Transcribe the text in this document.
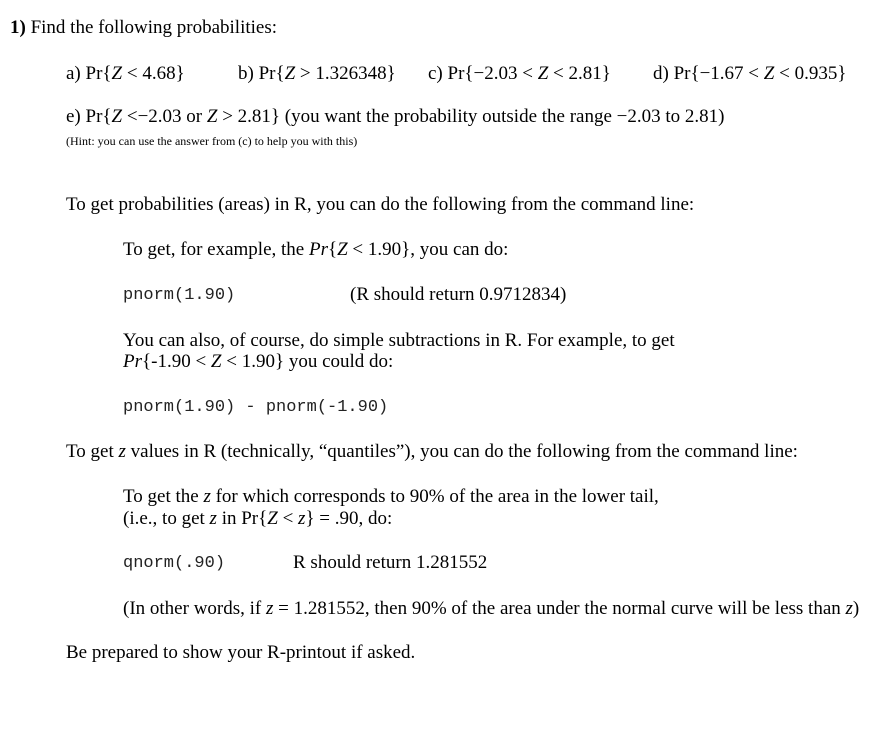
1) Find the following probabilities:
a) Pr{Z < 4.68}	b) Pr{Z > 1.326348} c) Pr{−2.03 < Z < 2.81} d) Pr{−1.67 < Z < 0.935}
e) Pr{Z <−2.03 or Z > 2.81} (you want the probability outside the range −2.03 to 2.81)
(Hint: you can use the answer from (c) to help you with this)
To get probabilities (areas) in R, you can do the following from the command line:
To get, for example, the Pr{Z < 1.90}, you can do:
pnorm(1.90)	(R should return 0.9712834)
You can also, of course, do simple subtractions in R. For example, to get
Pr{-1.90 < Z < 1.90} you could do:
pnorm(1.90) - pnorm(-1.90)
To get z values in R (technically, “quantiles”), you can do the following from the command line:
To get the z for which corresponds to 90% of the area in the lower tail,
(i.e., to get z in Pr{Z < z} = .90, do:
qnorm(.90)	R should return 1.281552
(In other words, if z = 1.281552, then 90% of the area under the normal curve will be less than z)
Be prepared to show your R-printout if asked.
